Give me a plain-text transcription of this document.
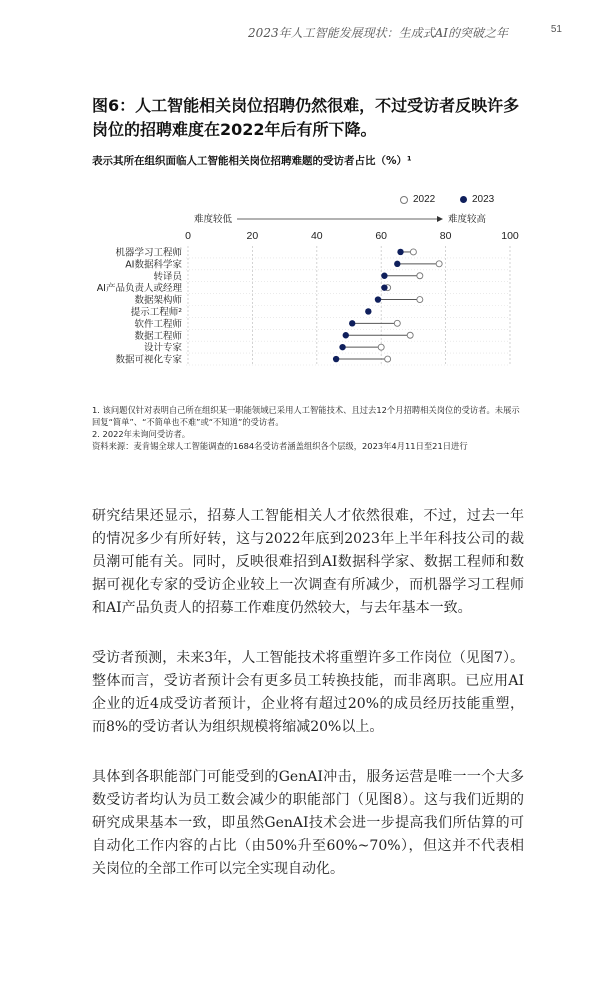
2023年人工智能发展现状：生成式AI的突破之年	51
图6：人工智能相关岗位招聘仍然很难，不过受访者反映许多岗位的招聘难度在2022年后有所下降。
表示其所在组织面临人工智能相关岗位招聘难题的受访者占比（%）¹
2022	2023
难度较低	难度较高
0	20	40	60	80	100
机器学习工程师
AI数据科学家
转译员
AI产品负责人或经理
数据架构师
提示工程师²
软件工程师
数据工程师
设计专家
数据可视化专家
1. 该问题仅针对表明自己所在组织某一职能领域已采用人工智能技术、且过去12个月招聘相关岗位的受访者。未展示回复“简单”、“不简单也不难”或“不知道”的受访者。
2. 2022年未询问受访者。
资料来源：麦肯锡全球人工智能调查的1684名受访者涵盖组织各个层级，2023年4月11日至21日进行
研究结果还显示，招募人工智能相关人才依然很难，不过，过去一年的情况多少有所好转，这与2022年底到2023年上半年科技公司的裁员潮可能有关。同时，反映很难招到AI数据科学家、数据工程师和数据可视化专家的受访企业较上一次调查有所减少，而机器学习工程师和AI产品负责人的招募工作难度仍然较大，与去年基本一致。
受访者预测，未来3年，人工智能技术将重塑许多工作岗位（见图7）。整体而言，受访者预计会有更多员工转换技能，而非离职。已应用AI企业的近4成受访者预计，企业将有超过20%的成员经历技能重塑，而8%的受访者认为组织规模将缩减20%以上。
具体到各职能部门可能受到的GenAI冲击，服务运营是唯一一个大多数受访者均认为员工数会减少的职能部门（见图8）。这与我们近期的研究成果基本一致，即虽然GenAI技术会进一步提高我们所估算的可自动化工作内容的占比（由50%升至60%~70%），但这并不代表相关岗位的全部工作可以完全实现自动化。
